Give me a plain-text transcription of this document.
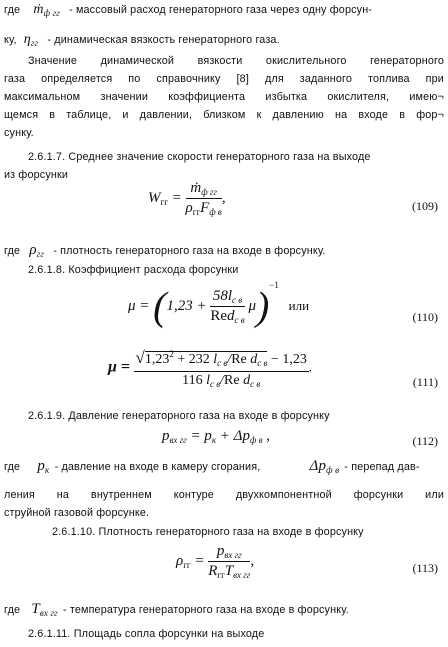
где ṁ$_{ф гг}$ - массовый расход генераторного газа через одну форсун-
ку, $\eta_{гг}$ - динамическая вязкость генераторного газа.
Значение динамической вязкости окислительного генераторного
газа определяется по справочнику [8] для заданного топлива при
максимальном значении коэффициента избытка окислителя, имею¬
щемся в таблице, и давлении, близком к давлению на входе в фор¬
сунку.
2.6.1.7. Среднее значение скорости генераторного газа на выходе
из форсунки
$W_{гг} = \frac{ṁ_{ф гг}}{\rho_{гг}F_{ф в}}$ ,
(109)
где $\rho_{гг}$ - плотность генераторного газа на входе в форсунку.
2.6.1.8. Коэффициент расхода форсунки
$\mu = (1,23 + \frac{58l_{с в}}{Red_{с в}} \mu)^{-1}$ или
(110)
$\mu = \frac{√1,23^2 + 232 l_{с в}/Re d_{с в} - 1,23}{116 l_{с в}/Re d_{с в}}$ .
(111)
2.6.1.9. Давление генераторного газа на входе в форсунку
$p_{вх гг} = p_к + \Delta p_{ф в}$ ,	(112)
где $p_к$ - давление на входе в камеру сгорания,	$\Delta p_{ф в}$ - перепад дав-
ления на внутреннем контуре двухкомпонентной форсунки или
струйной газовой форсунке.
2.6.1.10. Плотность генераторного газа на входе в форсунку
$\rho_{гг} = \frac{p_{вх гг}}{R_{гг}T_{вх гг}}$ ,	(113)
где $T_{вх гг}$ - температура генераторного газа на входе в форсунку.
2.6.1.11. Площадь сопла форсунки на выходе
